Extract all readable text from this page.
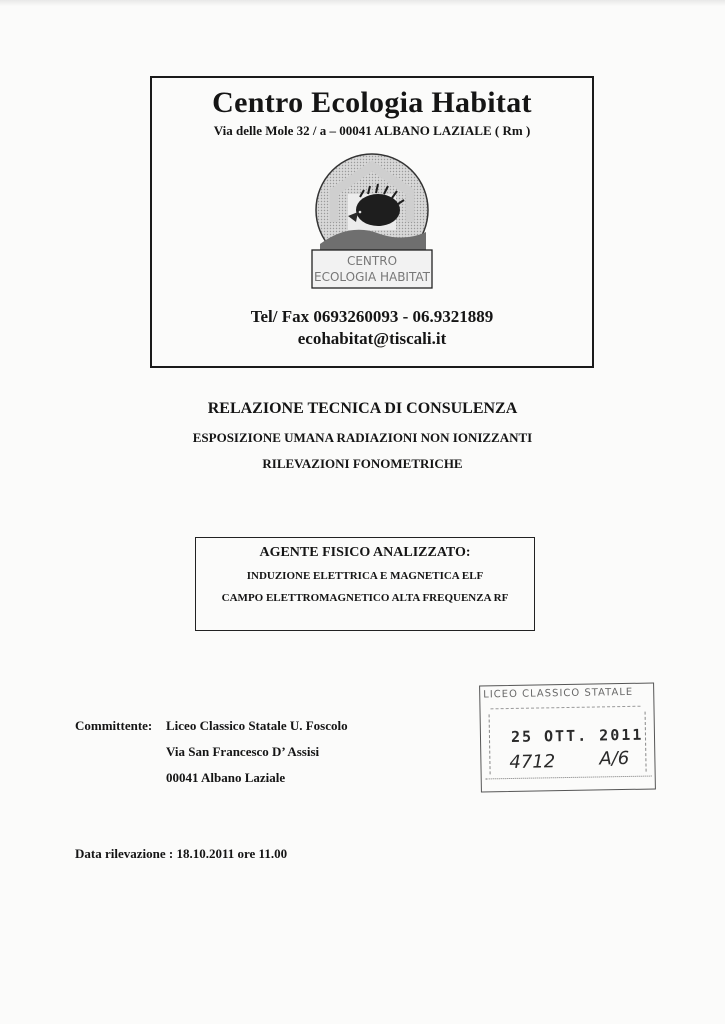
Centro Ecologia Habitat
Via delle Mole 32 / a – 00041 ALBANO LAZIALE ( Rm )
CENTRO
ECOLOGIA HABITAT
Tel/ Fax 0693260093 - 06.9321889
ecohabitat@tiscali.it
RELAZIONE TECNICA DI CONSULENZA
ESPOSIZIONE UMANA RADIAZIONI NON IONIZZANTI
RILEVAZIONI FONOMETRICHE
AGENTE FISICO ANALIZZATO:
INDUZIONE ELETTRICA E MAGNETICA ELF
CAMPO ELETTROMAGNETICO ALTA FREQUENZA RF
Committente: Liceo Classico Statale U. Foscolo
Via San Francesco D’ Assisi
00041 Albano Laziale
Data rilevazione : 18.10.2011 ore 11.00
LICEO CLASSICO STATALE
25 OTT. 2011
4712 A/6
